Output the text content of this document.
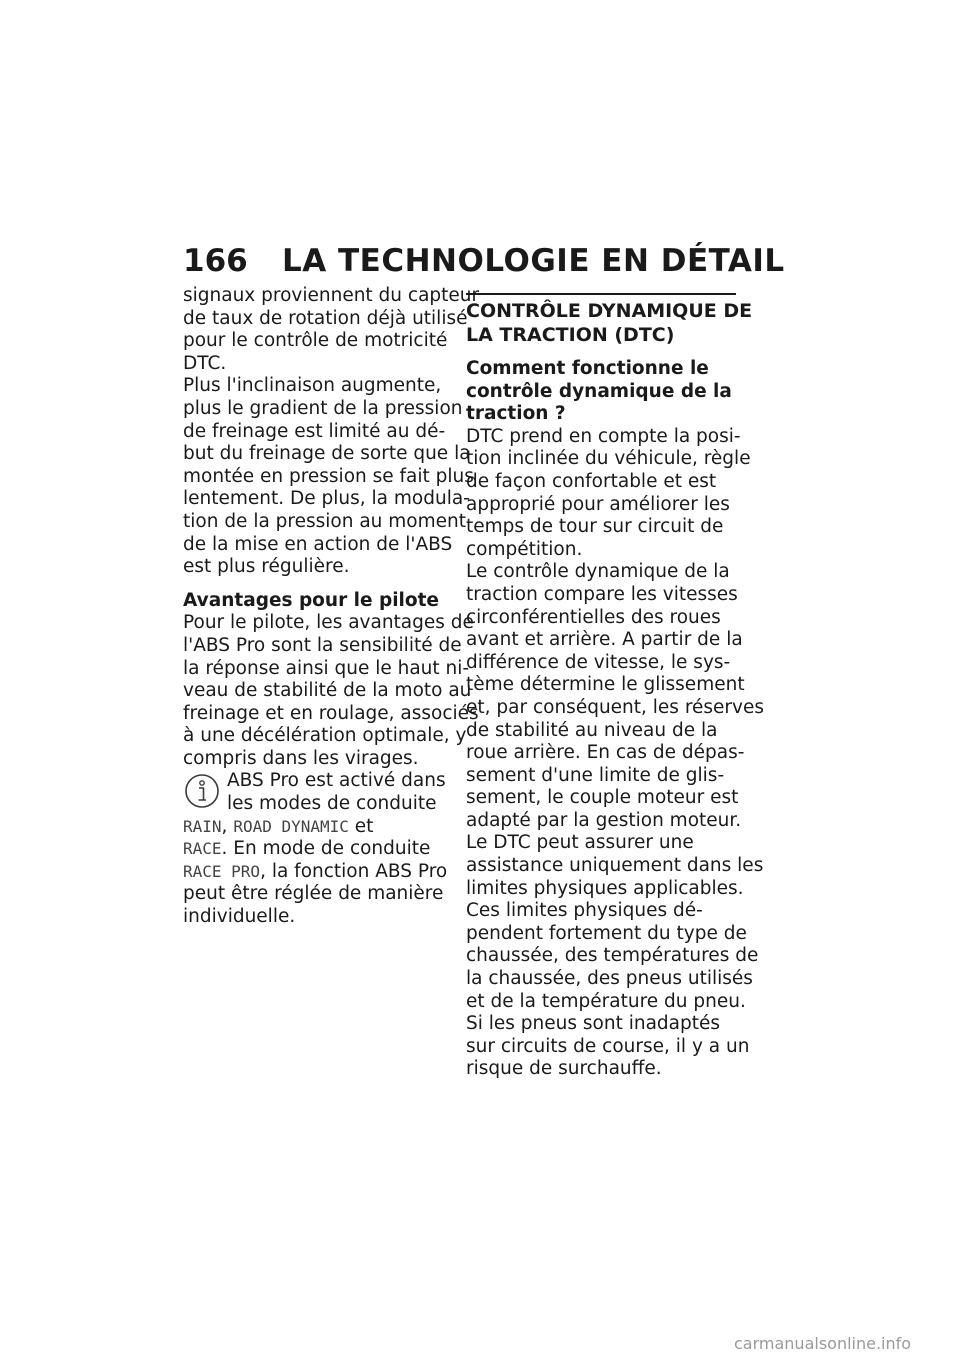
166 LA TECHNOLOGIE EN DÉTAIL

signaux proviennent du capteur
de taux de rotation déjà utilisé
pour le contrôle de motricité
DTC.

Plus l'inclinaison augmente,
plus le gradient de la pression
de freinage est limité au dé-
but du freinage de sorte que la
montée en pression se fait plus
lentement. De plus, la modula-
tion de la pression au moment
de la mise en action de l'ABS
est plus régulière.

Avantages pour le pilote

Pour le pilote, les avantages de
l'ABS Pro sont la sensibilité de
la réponse ainsi que le haut ni-
veau de stabilité de la moto au
freinage et en roulage, associés
à une décélération optimale, y
compris dans les virages.

ABS Pro est activé dans
les modes de conduite
RAIN, ROAD DYNAMIC et
RACE. En mode de conduite
RACE PRO, la fonction ABS Pro
peut être réglée de manière
individuelle.

CONTRÔLE DYNAMIQUE DE
LA TRACTION (DTC)

Comment fonctionne le
contrôle dynamique de la
traction ?

DTC prend en compte la posi-
tion inclinée du véhicule, règle
de façon confortable et est
approprié pour améliorer les
temps de tour sur circuit de
compétition.

Le contrôle dynamique de la
traction compare les vitesses
circonférentielles des roues
avant et arrière. A partir de la
différence de vitesse, le sys-
tème détermine le glissement
et, par conséquent, les réserves
de stabilité au niveau de la
roue arrière. En cas de dépas-
sement d'une limite de glis-
sement, le couple moteur est
adapté par la gestion moteur.

Le DTC peut assurer une
assistance uniquement dans les
limites physiques applicables.
Ces limites physiques dé-
pendent fortement du type de
chaussée, des températures de
la chaussée, des pneus utilisés
et de la température du pneu.
Si les pneus sont inadaptés
sur circuits de course, il y a un
risque de surchauffe.

carmanualsonline.info
